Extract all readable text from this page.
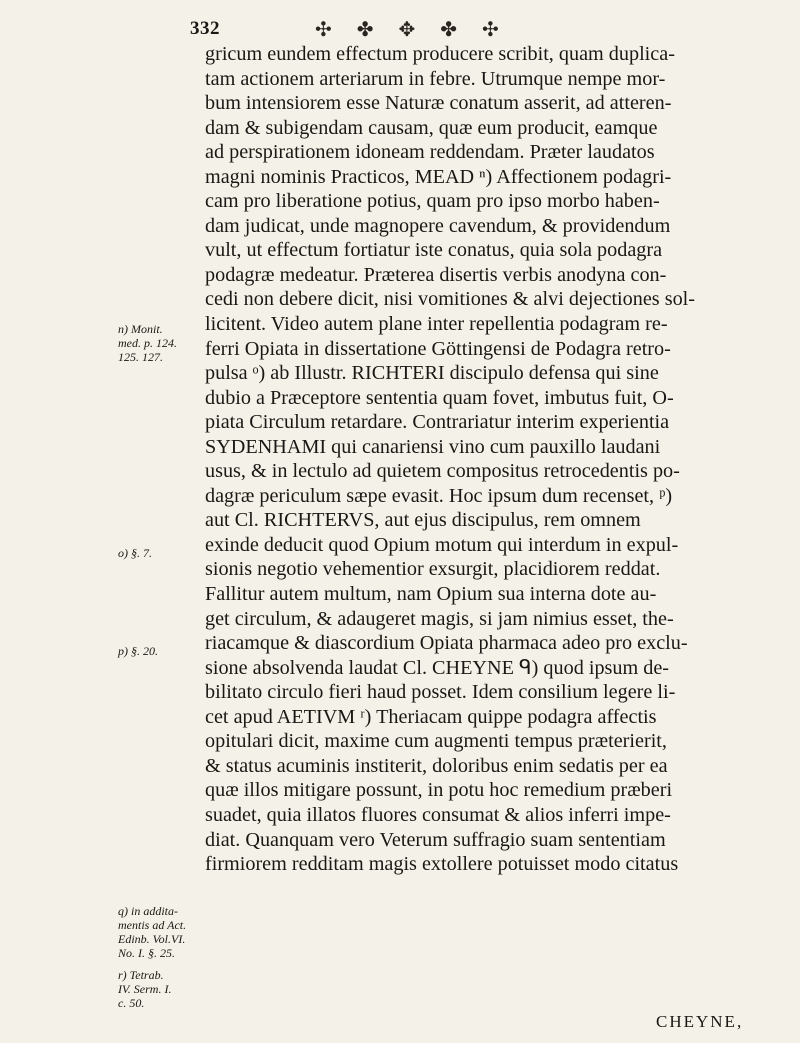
332	✣ ✤ ✥ ✤ ✣
gricum eundem effectum producere scribit, quam duplica-
tam actionem arteriarum in febre. Utrumque nempe mor-
bum intensiorem esse Naturæ conatum asserit, ad atteren-
dam & subigendam causam, quæ eum producit, eamque
ad perspirationem idoneam reddendam. Præter laudatos
magni nominis Practicos, MEAD ⁿ) Affectionem podagri-
cam pro liberatione potius, quam pro ipso morbo haben-
dam judicat, unde magnopere cavendum, & providendum
vult, ut effectum fortiatur iste conatus, quia sola podagra
podagræ medeatur. Præterea disertis verbis anodyna con-
cedi non debere dicit, nisi vomitiones & alvi dejectiones sol-
licitent. Video autem plane inter repellentia podagram re-
ferri Opiata in dissertatione Göttingensi de Podagra retro-
pulsa ᵒ) ab Illustr. RICHTERI discipulo defensa qui sine
dubio a Præceptore sententia quam fovet, imbutus fuit, O-
piata Circulum retardare. Contrariatur interim experientia
SYDENHAMI qui canariensi vino cum pauxillo laudani
usus, & in lectulo ad quietem compositus retrocedentis po-
dagræ periculum sæpe evasit. Hoc ipsum dum recenset, ᵖ)
aut Cl. RICHTERVS, aut ejus discipulus, rem omnem
exinde deducit quod Opium motum qui interdum in expul-
sionis negotio vehementior exsurgit, placidiorem reddat.
Fallitur autem multum, nam Opium sua interna dote au-
get circulum, & adaugeret magis, si jam nimius esset, the-
riacamque & diascordium Opiata pharmaca adeo pro exclu-
sione absolvenda laudat Cl. CHEYNE ᑫ) quod ipsum de-
bilitato circulo fieri haud posset. Idem consilium legere li-
cet apud AETIVM ʳ) Theriacam quippe podagra affectis
opitulari dicit, maxime cum augmenti tempus præterierit,
& status acuminis institerit, doloribus enim sedatis per ea
quæ illos mitigare possunt, in potu hoc remedium præberi
suadet, quia illatos fluores consumat & alios inferri impe-
diat. Quanquam vero Veterum suffragio suam sententiam
firmiorem redditam magis extollere potuisset modo citatus
n) Monit.
med. p. 124.
125. 127.
o) §. 7.
p) §. 20.
q) in addita-
mentis ad Act.
Edinb. Vol.VI.
No. I. §. 25.
r) Tetrab.
IV. Serm. I.
c. 50.
CHEYNE,
